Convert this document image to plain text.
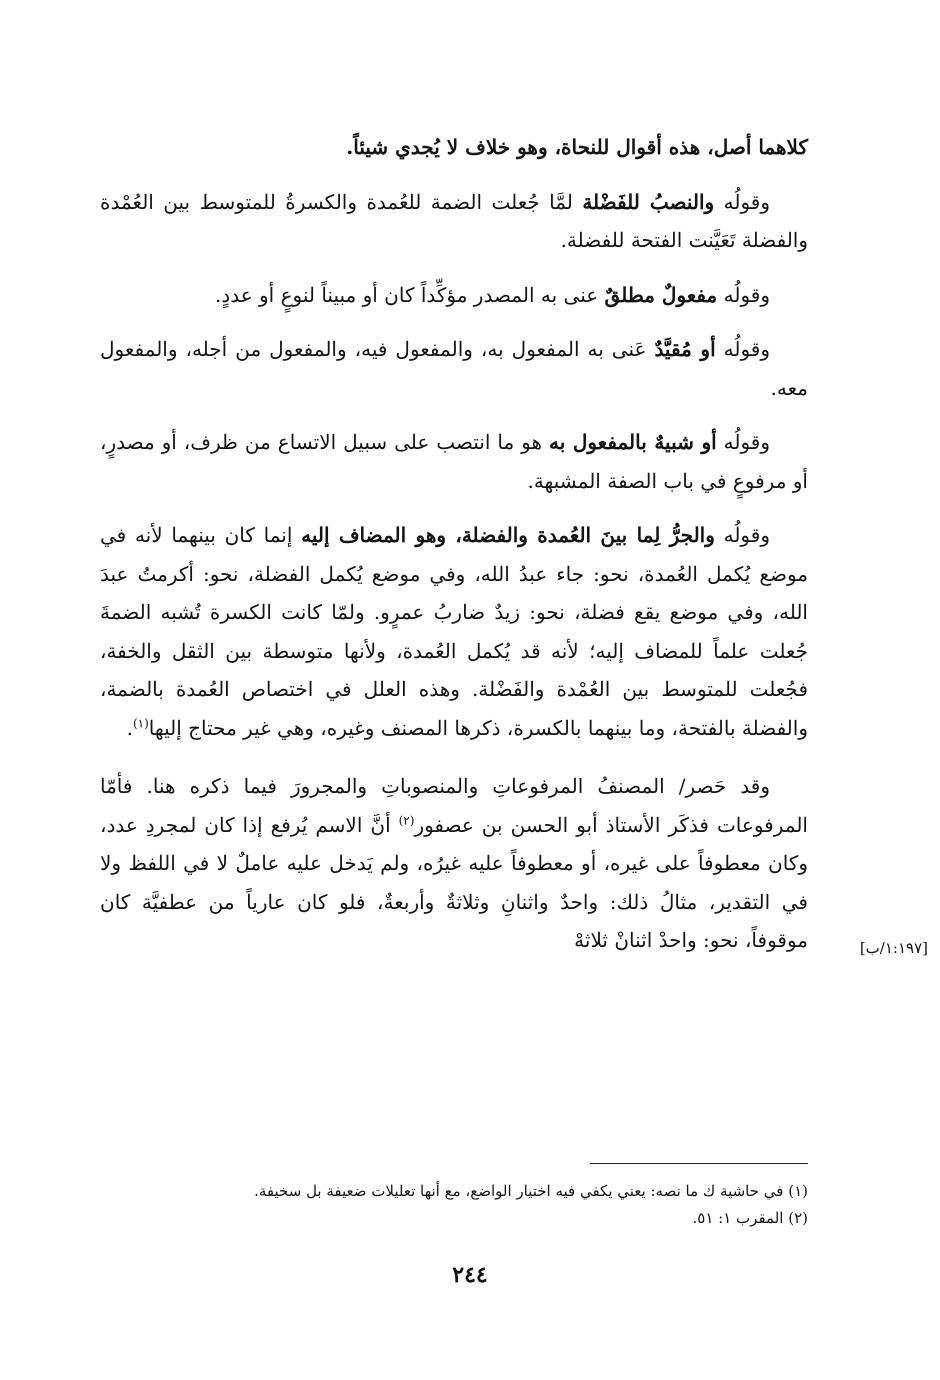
كلاهما أصل، هذه أقوال للنحاة، وهو خلاف لا يُجدي شيئاً.

وقولُه والنصبُ للفَضْلة لمَّا جُعلت الضمة للعُمدة والكسرةُ للمتوسط بين العُمْدة والفضلة تَعَيَّنت الفتحة للفضلة.

وقولُه مفعولٌ مطلقٌ عنى به المصدر مؤكِّداً كان أو مبيناً لنوعٍ أو عددٍ.

وقولُه أو مُقيَّدٌ عَنى به المفعول به، والمفعول فيه، والمفعول من أجله، والمفعول معه.

وقولُه أو شبيهٌ بالمفعول به هو ما انتصب على سبيل الاتساع من ظرف، أو مصدرٍ، أو مرفوعٍ في باب الصفة المشبهة.

وقولُه والجرُّ لِما بينَ العُمدة والفضلة، وهو المضاف إليه إنما كان بينهما لأنه في موضع يُكمل العُمدة، نحو: جاء عبدُ الله، وفي موضع يُكمل الفضلة، نحو: أكرمتُ عبدَ الله، وفي موضع يقع فضلة، نحو: زيدٌ ضاربُ عمرٍو. ولمّا كانت الكسرة تُشبه الضمةَ جُعلت علماً للمضاف إليه؛ لأنه قد يُكمل العُمدة، ولأنها متوسطة بين الثقل والخفة، فجُعلت للمتوسط بين العُمْدة والفَضْلة. وهذه العلل في اختصاص العُمدة بالضمة، والفضلة بالفتحة، وما بينهما بالكسرة، ذكرها المصنف وغيره، وهي غير محتاج إليها$^{(١)}$.

وقد حَصر/ المصنفُ المرفوعاتِ والمنصوباتِ والمجرورَ فيما ذكره هنا. فأمّا المرفوعات فذكَر الأستاذ أبو الحسن بن عصفور$^{(٢)}$ أنَّ الاسم يُرفع إذا كان لمجردِ عدد، وكان معطوفاً على غيره، أو معطوفاً عليه غيرُه، ولم يَدخل عليه عاملٌ لا في اللفظ ولا في التقدير، مثالُ ذلك: واحدٌ واثنانِ وثلاثةٌ وأربعةٌ، فلو كان عارياً من عطفيَّة كان موقوفاً، نحو: واحدْ اثنانْ ثلاثهْ	[١:١٩٧/ب]

(١) في حاشية ك ما نصه: يعني يكفي فيه اختيار الواضع، مع أنها تعليلات ضعيفة بل سخيفة.

(٢) المقرب ١: ٥١.

٢٤٤
